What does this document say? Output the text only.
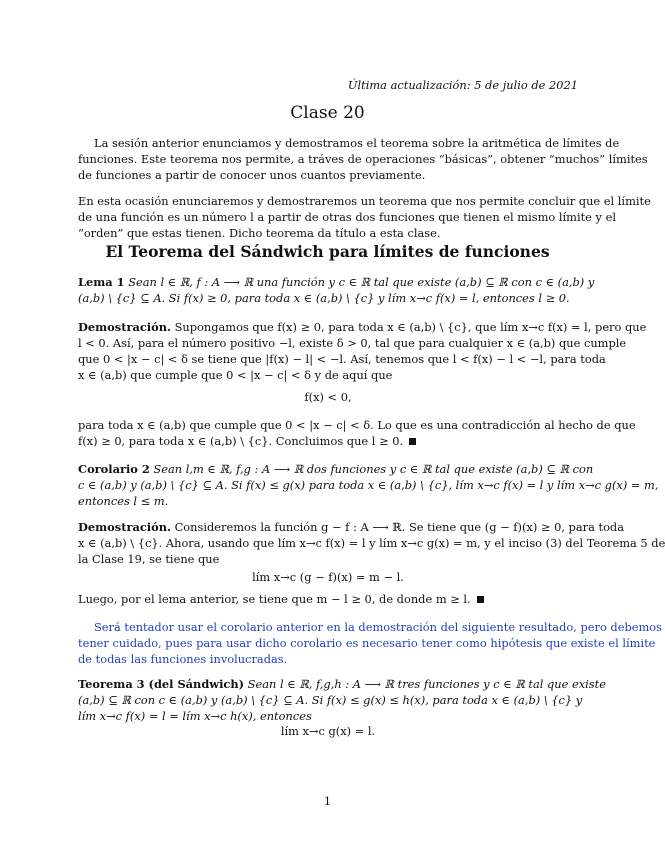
Última actualización: 5 de julio de 2021
Clase 20
La sesión anterior enunciamos y demostramos el teorema sobre la aritmética de límites de
funciones. Este teorema nos permite, a tráves de operaciones “básicas”, obtener “muchos” límites
de funciones a partir de conocer unos cuantos previamente.
En esta ocasión enunciaremos y demostraremos un teorema que nos permite concluir que el límite
de una función es un número l a partir de otras dos funciones que tienen el mismo límite y el
“orden” que estas tienen. Dicho teorema da título a esta clase.
El Teorema del Sándwich para límites de funciones
Lema 1 Sean l ∈ ℝ, f : A ⟶ ℝ una función y c ∈ ℝ tal que existe (a,b) ⊆ ℝ con c ∈ (a,b) y
(a,b) \ {c} ⊆ A. Si f(x) ≥ 0, para toda x ∈ (a,b) \ {c} y lím x→c f(x) = l, entonces l ≥ 0.
Demostración. Supongamos que f(x) ≥ 0, para toda x ∈ (a,b) \ {c}, que lím x→c f(x) = l, pero que
l < 0. Así, para el número positivo −l, existe δ > 0, tal que para cualquier x ∈ (a,b) que cumple
que 0 < |x − c| < δ se tiene que |f(x) − l| < −l. Así, tenemos que l < f(x) − l < −l, para toda
x ∈ (a,b) que cumple que 0 < |x − c| < δ y de aquí que
f(x) < 0,
para toda x ∈ (a,b) que cumple que 0 < |x − c| < δ. Lo que es una contradicción al hecho de que
f(x) ≥ 0, para toda x ∈ (a,b) \ {c}. Concluimos que l ≥ 0.
Corolario 2 Sean l,m ∈ ℝ, f,g : A ⟶ ℝ dos funciones y c ∈ ℝ tal que existe (a,b) ⊆ ℝ con
c ∈ (a,b) y (a,b) \ {c} ⊆ A. Si f(x) ≤ g(x) para toda x ∈ (a,b) \ {c}, lím x→c f(x) = l y lím x→c g(x) = m,
entonces l ≤ m.
Demostración. Consideremos la función g − f : A ⟶ ℝ. Se tiene que (g − f)(x) ≥ 0, para toda
x ∈ (a,b) \ {c}. Ahora, usando que lím x→c f(x) = l y lím x→c g(x) = m, y el inciso (3) del Teorema 5 de
la Clase 19, se tiene que
lím x→c (g − f)(x) = m − l.
Luego, por el lema anterior, se tiene que m − l ≥ 0, de donde m ≥ l.
Será tentador usar el corolario anterior en la demostración del siguiente resultado, pero debemos
tener cuidado, pues para usar dicho corolario es necesario tener como hipótesis que existe el límite
de todas las funciones involucradas.
Teorema 3 (del Sándwich) Sean l ∈ ℝ, f,g,h : A ⟶ ℝ tres funciones y c ∈ ℝ tal que existe
(a,b) ⊆ ℝ con c ∈ (a,b) y (a,b) \ {c} ⊆ A. Si f(x) ≤ g(x) ≤ h(x), para toda x ∈ (a,b) \ {c} y
lím x→c f(x) = l = lím x→c h(x), entonces
lím x→c g(x) = l.
1
